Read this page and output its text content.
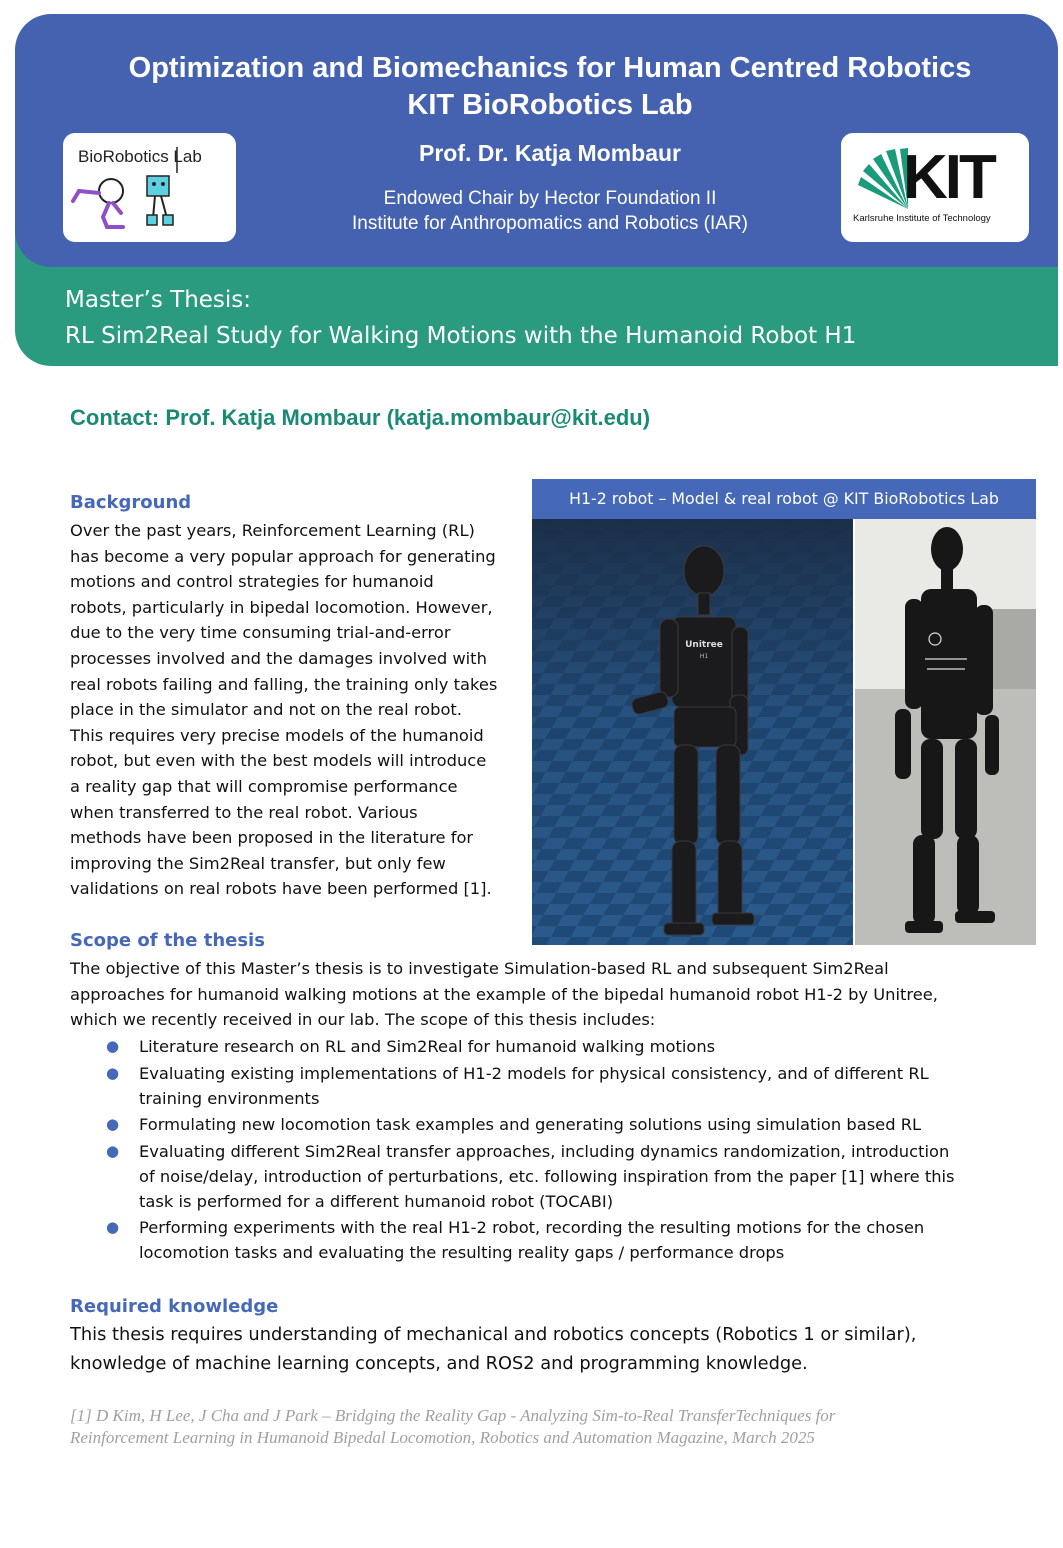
Optimization and Biomechanics for Human Centred Robotics
KIT BioRobotics Lab
Prof. Dr. Katja Mombaur
Endowed Chair by Hector Foundation II
Institute for Anthropomatics and Robotics (IAR)
BioRobotics Lab	KIT
Karlsruhe Institute of Technology
Master’s Thesis:
RL Sim2Real Study for Walking Motions with the Humanoid Robot H1
Contact: Prof. Katja Mombaur (katja.mombaur@kit.edu)
Background
Over the past years, Reinforcement Learning (RL)
has become a very popular approach for generating
motions and control strategies for humanoid
robots, particularly in bipedal locomotion. However,
due to the very time consuming trial-and-error
processes involved and the damages involved with
real robots failing and falling, the training only takes
place in the simulator and not on the real robot.
This requires very precise models of the humanoid
robot, but even with the best models will introduce
a reality gap that will compromise performance
when transferred to the real robot. Various
methods have been proposed in the literature for
improving the Sim2Real transfer, but only few
validations on real robots have been performed [1].
H1-2 robot – Model & real robot @ KIT BioRobotics Lab
Unitree
H1
Scope of the thesis
The objective of this Master’s thesis is to investigate Simulation-based RL and subsequent Sim2Real
approaches for humanoid walking motions at the example of the bipedal humanoid robot H1-2 by Unitree,
which we recently received in our lab. The scope of this thesis includes:
● Literature research on RL and Sim2Real for humanoid walking motions
● Evaluating existing implementations of H1-2 models for physical consistency, and of different RL
training environments
● Formulating new locomotion task examples and generating solutions using simulation based RL
● Evaluating different Sim2Real transfer approaches, including dynamics randomization, introduction
of noise/delay, introduction of perturbations, etc. following inspiration from the paper [1] where this
task is performed for a different humanoid robot (TOCABI)
● Performing experiments with the real H1-2 robot, recording the resulting motions for the chosen
locomotion tasks and evaluating the resulting reality gaps / performance drops
Required knowledge
This thesis requires understanding of mechanical and robotics concepts (Robotics 1 or similar),
knowledge of machine learning concepts, and ROS2 and programming knowledge.
[1] D Kim, H Lee, J Cha and J Park – Bridging the Reality Gap - Analyzing Sim-to-Real TransferTechniques for
Reinforcement Learning in Humanoid Bipedal Locomotion, Robotics and Automation Magazine, March 2025
